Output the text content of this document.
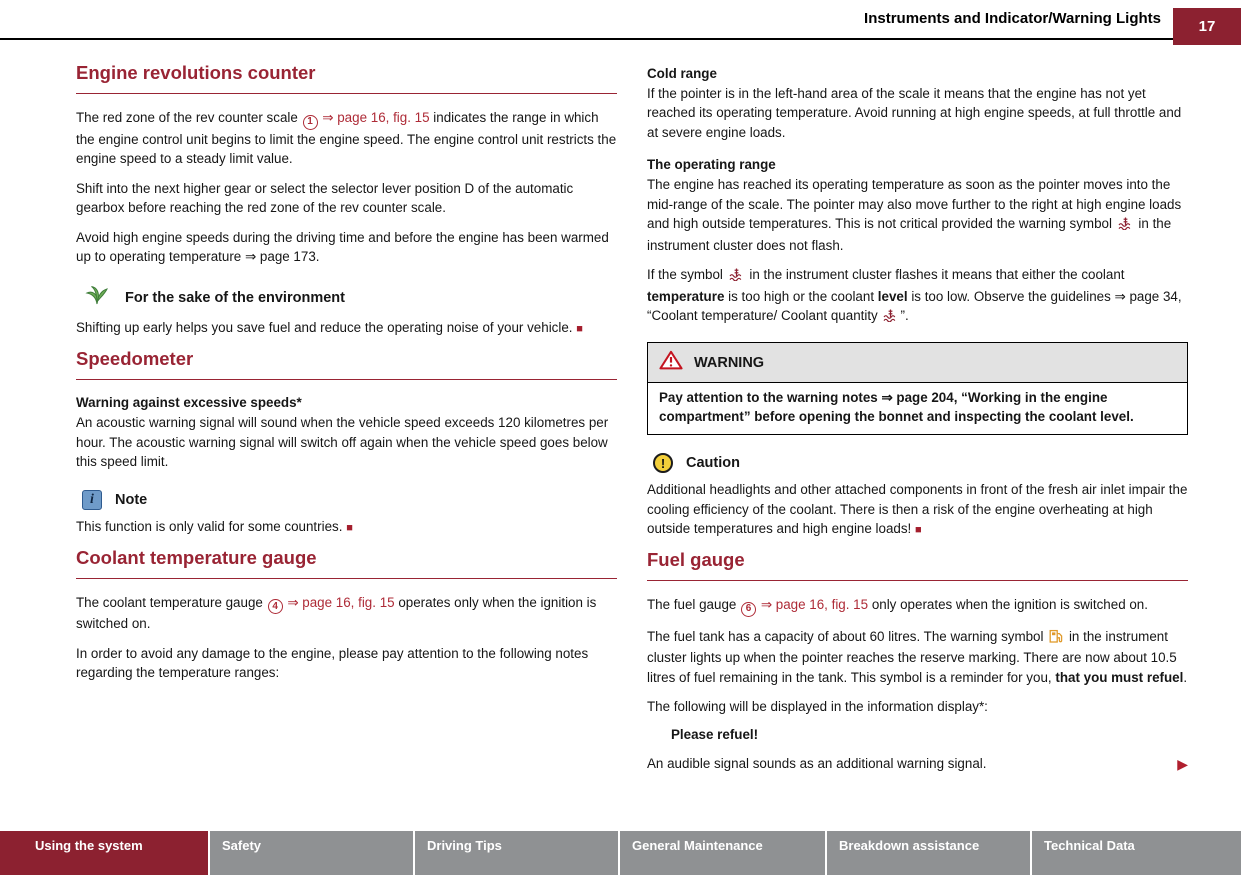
Instruments and Indicator/Warning Lights	17
Engine revolutions counter

The red zone of the rev counter scale 1 ⇒ page 16, fig. 15 indicates the range in which the engine control unit begins to limit the engine speed. The engine control unit restricts the engine speed to a steady limit value.

Shift into the next higher gear or select the selector lever position D of the automatic gearbox before reaching the red zone of the rev counter scale.

Avoid high engine speeds during the driving time and before the engine has been warmed up to operating temperature ⇒ page 173.

For the sake of the environment

Shifting up early helps you save fuel and reduce the operating noise of your vehicle. ■

Speedometer
Warning against excessive speeds*

An acoustic warning signal will sound when the vehicle speed exceeds 120 kilometres per hour. The acoustic warning signal will switch off again when the vehicle speed goes below this speed limit.

i	Note

This function is only valid for some countries. ■

Coolant temperature gauge

The coolant temperature gauge 4 ⇒ page 16, fig. 15 operates only when the ignition is switched on.

In order to avoid any damage to the engine, please pay attention to the following notes regarding the temperature ranges:

Cold range

If the pointer is in the left-hand area of the scale it means that the engine has not yet reached its operating temperature. Avoid running at high engine speeds, at full throttle and at severe engine loads.

The operating range

The engine has reached its operating temperature as soon as the pointer moves into the mid-range of the scale. The pointer may also move further to the right at high engine loads and high outside temperatures. This is not critical provided the warning symbol in the instrument cluster does not flash.

If the symbol in the instrument cluster flashes it means that either the coolant temperature is too high or the coolant level is too low. Observe the guidelines ⇒ page 34, “Coolant temperature/ Coolant quantity ”.

WARNING
Pay attention to the warning notes ⇒ page 204, “Working in the engine compartment” before opening the bonnet and inspecting the coolant level.
!	Caution

Additional headlights and other attached components in front of the fresh air inlet impair the cooling efficiency of the coolant. There is then a risk of the engine overheating at high outside temperatures and high engine loads! ■

Fuel gauge

The fuel gauge 6 ⇒ page 16, fig. 15 only operates when the ignition is switched on.

The fuel tank has a capacity of about 60 litres. The warning symbol in the instrument cluster lights up when the pointer reaches the reserve marking. There are now about 10.5 litres of fuel remaining in the tank. This symbol is a reminder for you, that you must refuel.

The following will be displayed in the information display*:

Please refuel!

An audible signal sounds as an additional warning signal.	▶

Using the system	Safety	Driving Tips	General Maintenance	Breakdown assistance	Technical Data
